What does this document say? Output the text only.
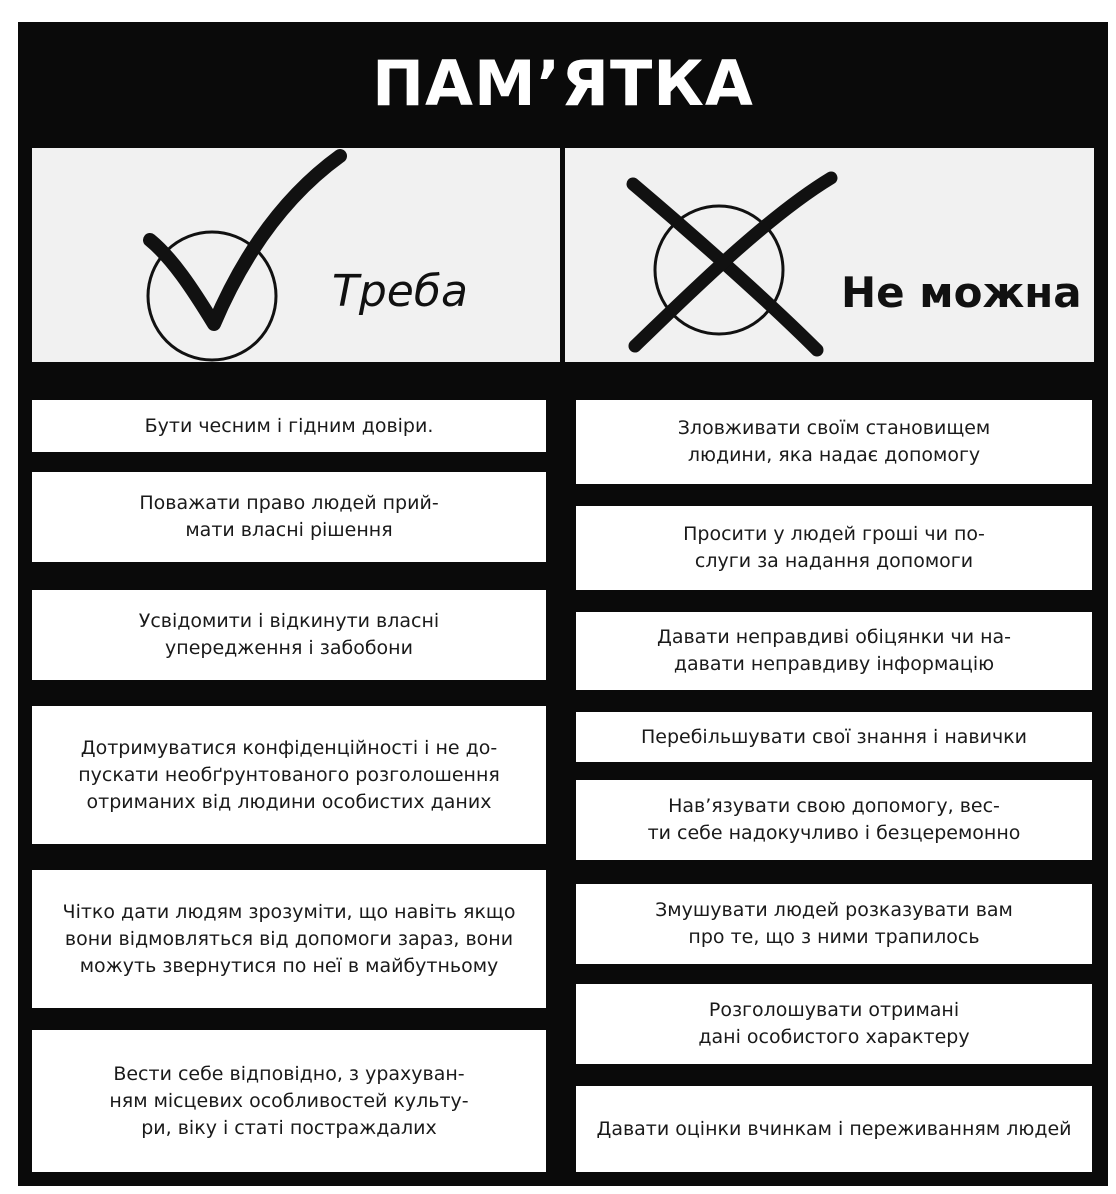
ПАМ’ЯТКА
Треба	Не можна
Бути чесним і гідним довіри.
Поважати право людей прий-
мати власні рішення
Усвідомити і відкинути власні
упередження і забобони
Дотримуватися конфіденційності і не до-
пускати необґрунтованого розголошення
отриманих від людини особистих даних
Чітко дати людям зрозуміти, що навіть якщо
вони відмовляться від допомоги зараз, вони
можуть звернутися по неї в майбутньому
Вести себе відповідно, з урахуван-
ням місцевих особливостей культу-
ри, віку і статі постраждалих
Зловживати своїм становищем
людини, яка надає допомогу
Просити у людей гроші чи по-
слуги за надання допомоги
Давати неправдиві обіцянки чи на-
давати неправдиву інформацію
Перебільшувати свої знання і навички
Нав’язувати свою допомогу, вес-
ти себе надокучливо і безцеремонно
Змушувати людей розказувати вам
про те, що з ними трапилось
Розголошувати отримані
дані особистого характеру
Давати оцінки вчинкам і переживанням людей
